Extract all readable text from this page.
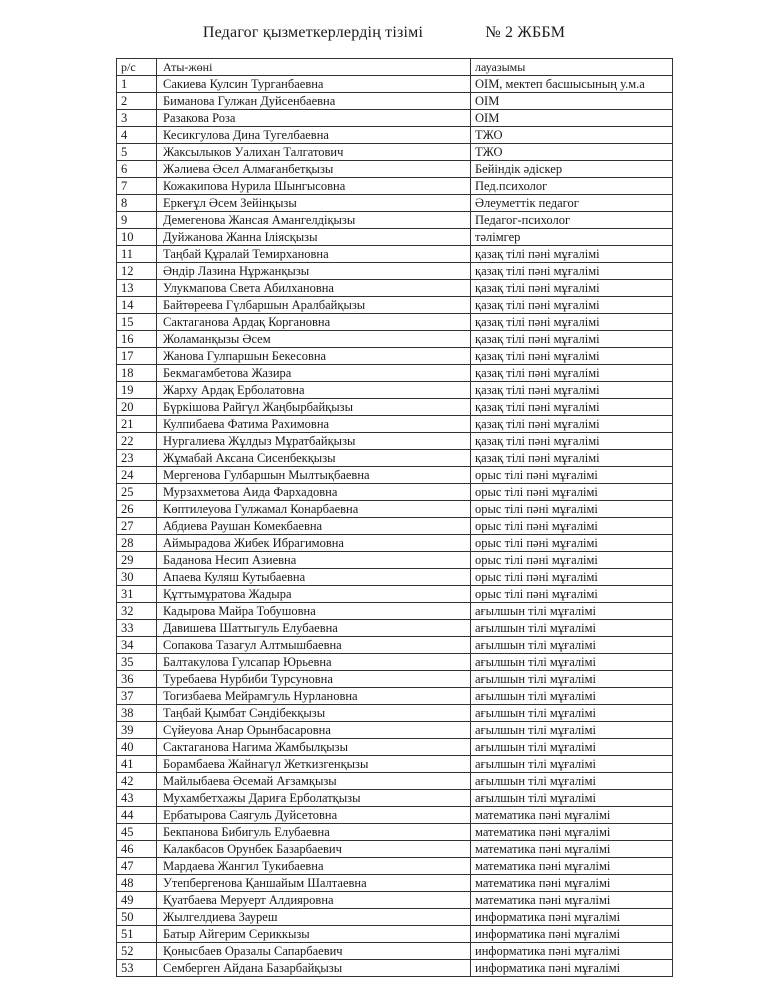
Педагог қызметкерлердің тізімі	№ 2 ЖББМ
р/с	Аты-жөні	лауазымы
1	Сакиева Кулсин Турганбаевна	ОІМ, мектеп басшысының у.м.а
2	Биманова Гулжан Дуйсенбаевна	ОІМ
3	Разакова Роза	ОІМ
4	Кесикгулова Дина Тугелбаевна	ТЖО
5	Жаксылыков Уалихан Талгатович	ТЖО
6	Жәлиева Әсел Алмағанбетқызы	Бейіндік әдіскер
7	Кожакипова Нурила Шынгысовна	Пед.психолог
8	Еркеғұл Әсем Зейінқызы	Әлеуметтік педагог
9	Демегенова Жансая Амангелдіқызы	Педагог-психолог
10	Дуйжанова Жанна Іліясқызы	тәлімгер
11	Таңбай Құралай Темирхановна	қазақ тілі пәні мұғалімі
12	Әндір Лазина Нұржанқызы	қазақ тілі пәні мұғалімі
13	Улукмапова Света Абилхановна	қазақ тілі пәні мұғалімі
14	Байтөреева Гүлбаршын Аралбайқызы	қазақ тілі пәні мұғалімі
15	Сактаганова Ардақ Коргановна	қазақ тілі пәні мұғалімі
16	Жоламанқызы Әсем	қазақ тілі пәні мұғалімі
17	Жанова Гулпаршын Бекесовна	қазақ тілі пәні мұғалімі
18	Бекмагамбетова Жазира	қазақ тілі пәні мұғалімі
19	Жарху Ардақ Ерболатовна	қазақ тілі пәні мұғалімі
20	Бүркішова Райгүл Жаңбырбайқызы	қазақ тілі пәні мұғалімі
21	Кулпибаева Фатима Рахимовна	қазақ тілі пәні мұғалімі
22	Нургалиева Жұлдыз Мұратбайқызы	қазақ тілі пәні мұғалімі
23	Жұмабай Аксана Сисенбекқызы	қазақ тілі пәні мұғалімі
24	Мергенова Гулбаршын Мылтықбаевна	орыс тілі пәні мұғалімі
25	Мурзахметова Аида Фархадовна	орыс тілі пәні мұғалімі
26	Көптилеуова Гулжамал Конарбаевна	орыс тілі пәні мұғалімі
27	Абдиева Раушан Комекбаевна	орыс тілі пәні мұғалімі
28	Аймырадова Жибек Ибрагимовна	орыс тілі пәні мұғалімі
29	Баданова Несип Азиевна	орыс тілі пәні мұғалімі
30	Апаева Куляш Кутыбаевна	орыс тілі пәні мұғалімі
31	Құттымұратова Жадыра	орыс тілі пәні мұғалімі
32	Кадырова Майра Тобушовна	ағылшын тілі мұғалімі
33	Давишева Шаттыгуль Елубаевна	ағылшын тілі мұғалімі
34	Сопакова Тазагул Алтмышбаевна	ағылшын тілі мұғалімі
35	Балтакулова Гулсапар Юрьевна	ағылшын тілі мұғалімі
36	Туребаева Нурбиби Турсуновна	ағылшын тілі мұғалімі
37	Тогизбаева Мейрамгуль Нурлановна	ағылшын тілі мұғалімі
38	Таңбай Қымбат Сәндібекқызы	ағылшын тілі мұғалімі
39	Сүйеуова Анар Орынбасаровна	ағылшын тілі мұғалімі
40	Сактаганова Нагима Жамбылқызы	ағылшын тілі мұғалімі
41	Борамбаева Жайнагүл Жеткизгенқызы	ағылшын тілі мұғалімі
42	Майлыбаева Әсемай Ағзамқызы	ағылшын тілі мұғалімі
43	Мухамбетхажы Дариға Ерболатқызы	ағылшын тілі мұғалімі
44	Ербатырова Саягуль Дуйсетовна	математика пәні мұғалімі
45	Бекпанова Бибигуль Елубаевна	математика пәні мұғалімі
46	Калакбасов Орунбек Базарбаевич	математика пәні мұғалімі
47	Мардаева Жангил Тукибаевна	математика пәні мұғалімі
48	Утепбергенова Қаншайым Шалтаевна	математика пәні мұғалімі
49	Қуатбаева Меруерт Алдияровна	математика пәні мұғалімі
50	Жылгелдиева Зауреш	информатика пәні мұғалімі
51	Батыр Айгерим Сериккызы	информатика пәні мұғалімі
52	Қонысбаев Оразалы Сапарбаевич	информатика пәні мұғалімі
53	Семберген Айдана Базарбайқызы	информатика пәні мұғалімі
